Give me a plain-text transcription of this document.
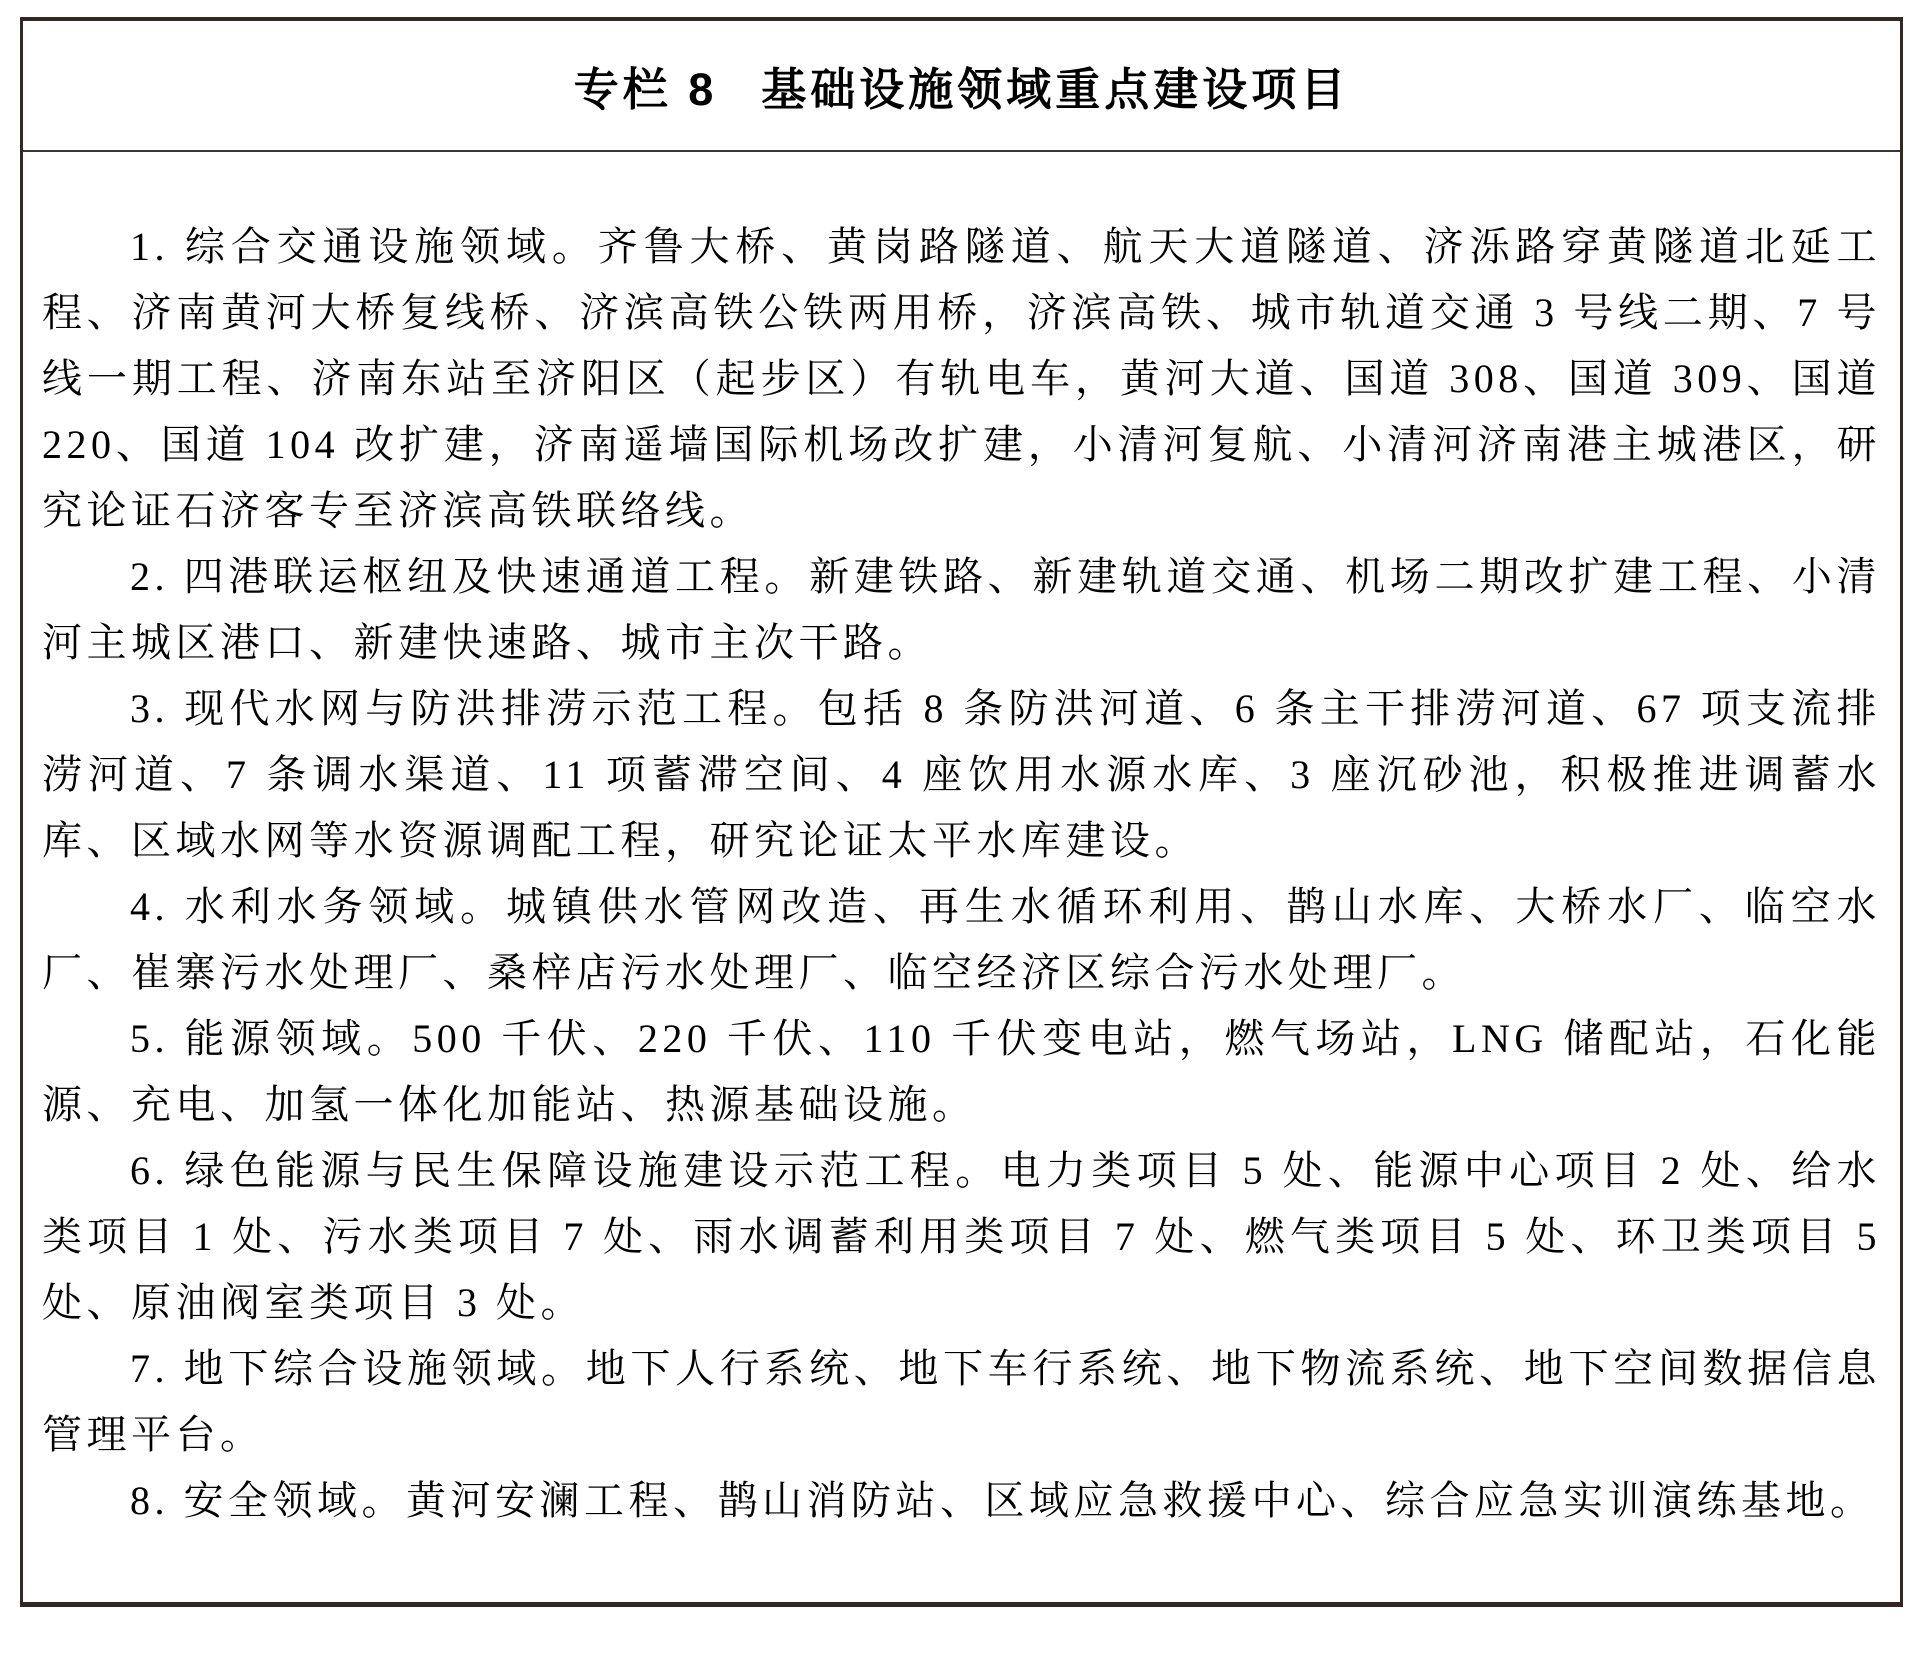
专栏 8 基础设施领域重点建设项目

1. 综合交通设施领域。齐鲁大桥、黄岗路隧道、航天大道隧道、济泺路穿黄隧道北延工程、济南黄河大桥复线桥、济滨高铁公铁两用桥，济滨高铁、城市轨道交通 3 号线二期、7 号线一期工程、济南东站至济阳区（起步区）有轨电车，黄河大道、国道 308、国道 309、国道 220、国道 104 改扩建，济南遥墙国际机场改扩建，小清河复航、小清河济南港主城港区，研究论证石济客专至济滨高铁联络线。

2. 四港联运枢纽及快速通道工程。新建铁路、新建轨道交通、机场二期改扩建工程、小清河主城区港口、新建快速路、城市主次干路。

3. 现代水网与防洪排涝示范工程。包括 8 条防洪河道、6 条主干排涝河道、67 项支流排涝河道、7 条调水渠道、11 项蓄滞空间、4 座饮用水源水库、3 座沉砂池，积极推进调蓄水库、区域水网等水资源调配工程，研究论证太平水库建设。

4. 水利水务领域。城镇供水管网改造、再生水循环利用、鹊山水库、大桥水厂、临空水厂、崔寨污水处理厂、桑梓店污水处理厂、临空经济区综合污水处理厂。

5. 能源领域。500 千伏、220 千伏、110 千伏变电站，燃气场站，LNG 储配站，石化能源、充电、加氢一体化加能站、热源基础设施。

6. 绿色能源与民生保障设施建设示范工程。电力类项目 5 处、能源中心项目 2 处、给水类项目 1 处、污水类项目 7 处、雨水调蓄利用类项目 7 处、燃气类项目 5 处、环卫类项目 5 处、原油阀室类项目 3 处。

7. 地下综合设施领域。地下人行系统、地下车行系统、地下物流系统、地下空间数据信息管理平台。

8. 安全领域。黄河安澜工程、鹊山消防站、区域应急救援中心、综合应急实训演练基地。
